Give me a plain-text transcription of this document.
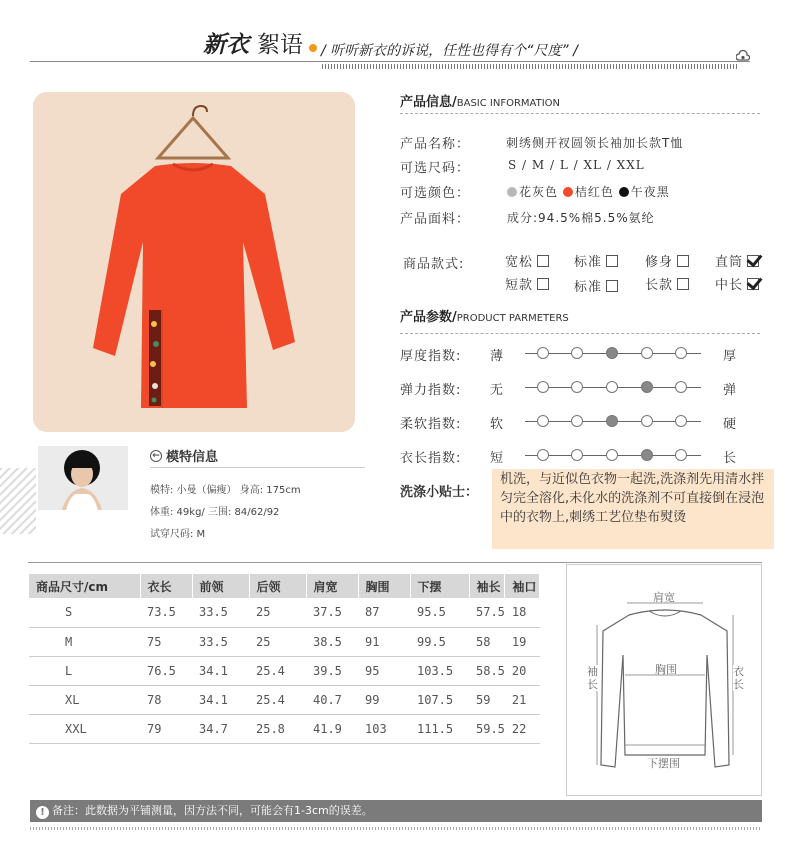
新衣 絮语 / 听听新衣的诉说，任性也得有个“尺度” /
← 模特信息
模特: 小曼（偏瘦） 身高: 175cm
体重: 49kg/ 三围: 84/62/92
试穿尺码: M
产品信息/BASIC INFORMATION
产品名称：	刺绣侧开衩圆领长袖加长款T恤
可选尺码：	S / M / L / XL / XXL
可选颜色：	花灰色 桔红色 午夜黑
产品面料：	成分:94.5%棉5.5%氨纶
商品款式:	宽松	标准	修身	直筒
短款	标准	长款	中长
产品参数/PRODUCT PARMETERS
厚度指数: 薄	厚
弹力指数: 无	弹
柔软指数: 软	硬
衣长指数: 短	长
洗涤小贴士：
机洗，与近似色衣物一起洗,洗涤剂先用清水拌匀完全溶化,未化水的洗涤剂不可直接倒在浸泡中的衣物上,刺绣工艺位垫布熨烫
商品尺寸/cm	衣长	前领	后领	肩宽	胸围	下摆	袖长	袖口
S	73.5	33.5	25	37.5	87	95.5	57.5	18
M	75	33.5	25	38.5	91	99.5	58	19
L	76.5	34.1	25.4	39.5	95	103.5	58.5	20
XL	78	34.1	25.4	40.7	99	107.5	59	21
XXL	79	34.7	25.8	41.9	103	111.5	59.5	22
肩宽
胸围
袖长
衣长
下摆围
! 备注：此数据为平铺测量，因方法不同，可能会有1-3cm的误差。
